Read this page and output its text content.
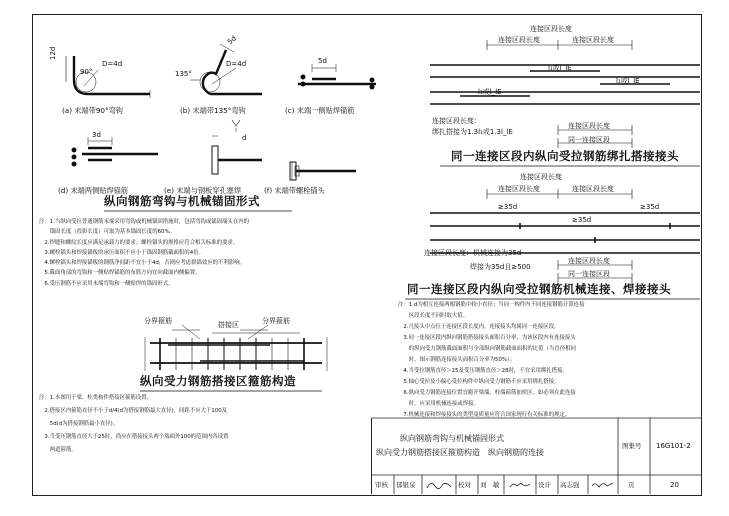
12d
90°
D=4d
135°
5d
D=4d	5d
3d	d
(a) 末端带90°弯钩	(b) 末端带135°弯钩	(c) 末端一侧贴焊锚筋
(d) 末端两侧贴焊锚筋	(e) 末端与钢板穿孔塞焊	(f) 末端带螺栓锚头
纵向钢筋弯钩与机械锚固形式
注：1.当纵向受拉普通钢筋末端采用弯钩或机械锚固措施时，包括弯钩或锚固端头在内的
　　锚固长度（投影长度）可取为基本锚固长度的60%。
　2.焊缝和螺纹长度应满足承载力的要求；螺栓锚头的规格应符合相关标准的要求。
　3.螺栓锚头和焊接锚板的承压面积不应小于锚固钢筋截面积的4倍。
　4.螺栓锚头和焊接锚板的钢筋净间距不宜小于4d，否则应考虑群锚效应的不利影响。
　5.截面角部的弯钩和一侧贴焊锚筋的布筋方向宜向截面内侧偏置。
　6.受压钢筋不应采用末端弯钩和一侧贴焊的锚固形式。
分界箍筋	搭接区	分界箍筋
纵向受力钢筋搭接区箍筋构造
注：1.本图用于梁、柱类构件搭接区箍筋设置。
　2.搭接区内箍筋直径不小于d/4(d为搭接钢筋最大直径)，间距不应大于100及
　　5d(d为搭接钢筋最小直径)。
　3.当受压钢筋直径大于25时，尚应在搭接接头两个端面外100的范围内各设置
　　两道箍筋。
连接区段长度
连接区段长度	连接区段长度
l₁或l_lE
l₁或l_lE
l₁或l_lE
连接区段长度：
绑扎搭接为1.3l₁或1.3l_lE
连接区段长度
同一连接区段
同一连接区段内纵向受拉钢筋绑扎搭接接头
连接区段长度
连接区段长度	连接区段长度
≥35d
≥35d
≥35d
连接区段长度：机械连接为35d
焊接为35d且≥500
连接区段长度
同一连接区段
同一连接区段内纵向受拉钢筋机械连接、焊接接头
注：1.d为相互连接两根钢筋中较小直径；当同一构件内不同连接钢筋计算连接
　　区段长度不同时取大值。
　2.凡接头中点位于连接区段长度内，连接接头均属同一连接区段。
　3.同一连接区段内纵向钢筋搭接接头面积百分率，为该区段内有连接接头
　　的纵向受力钢筋截面面积与全部纵向钢筋截面面积的比值（当直径相同
　　时，图示钢筋连接接头面积百分率为50%）。
　4.当受拉钢筋直径＞25及受压钢筋直径＞28时，不宜采用绑扎搭接。
　5.轴心受拉及小偏心受拉构件中纵向受力钢筋不应采用绑扎搭接。
　6.纵向受力钢筋连接位置宜避开梁端、柱端箍筋加密区。如必须在此连接
　　时，应采用机械连接或焊接。
　7.机械连接和焊接接头的类型及质量应符合国家现行有关标准的规定。
纵向钢筋弯钩与机械锚固形式
纵向受力钢筋搭接区箍筋构造　纵向钢筋的连接
图集号 16G101-2
页	20
审核 郁银泉	校对 刘　敏	设计 高志强
